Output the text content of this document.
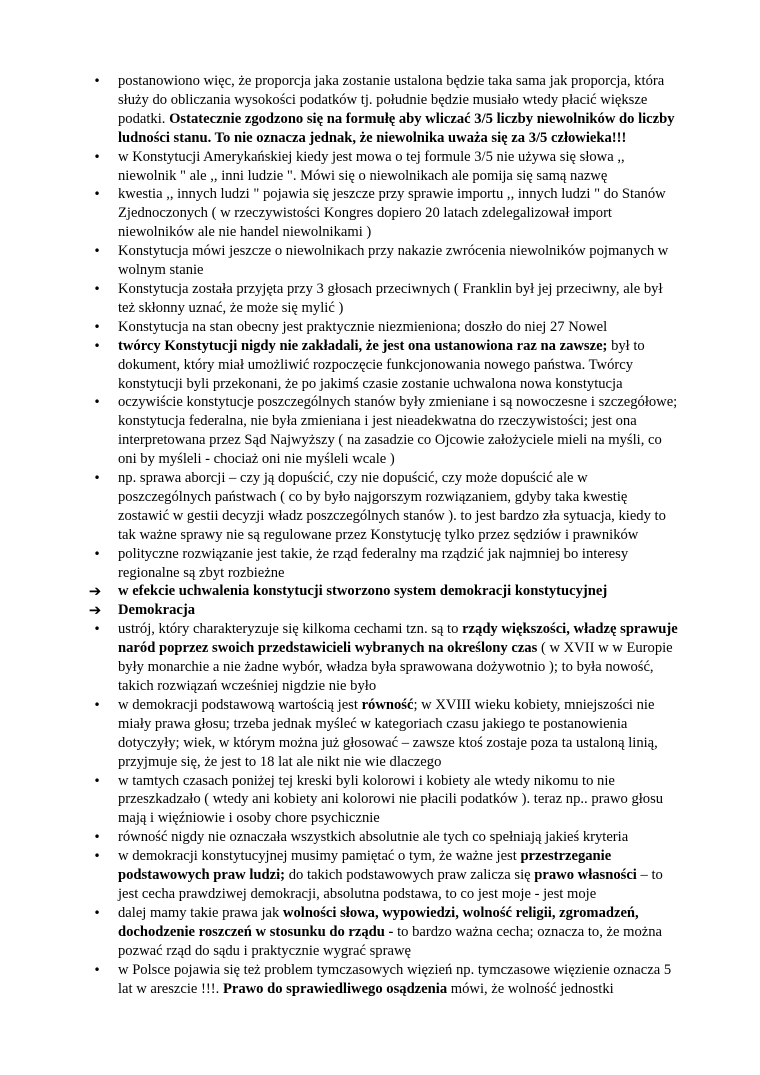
• postanowiono więc, że proporcja jaka zostanie ustalona będzie taka sama jak proporcja, która służy do obliczania wysokości podatków tj. południe będzie musiało wtedy płacić większe podatki. Ostatecznie zgodzono się na formułę aby wliczać 3/5 liczby niewolników do liczby ludności stanu. To nie oznacza jednak, że niewolnika uważa się za 3/5 człowieka!!!
• w Konstytucji Amerykańskiej kiedy jest mowa o tej formule 3/5 nie używa się słowa ,, niewolnik " ale ,, inni ludzie ". Mówi się o niewolnikach ale pomija się samą nazwę
• kwestia ,, innych ludzi " pojawia się jeszcze przy sprawie importu ,, innych ludzi " do Stanów Zjednoczonych ( w rzeczywistości Kongres dopiero 20 latach zdelegalizował import niewolników ale nie handel niewolnikami )
• Konstytucja mówi jeszcze o niewolnikach przy nakazie zwrócenia niewolników pojmanych w wolnym stanie
• Konstytucja została przyjęta przy 3 głosach przeciwnych ( Franklin był jej przeciwny, ale był też skłonny uznać, że może się mylić )
• Konstytucja na stan obecny jest praktycznie niezmieniona; doszło do niej 27 Nowel
• twórcy Konstytucji nigdy nie zakładali, że jest ona ustanowiona raz na zawsze; był to dokument, który miał umożliwić rozpoczęcie funkcjonowania nowego państwa. Twórcy konstytucji byli przekonani, że po jakimś czasie zostanie uchwalona nowa konstytucja
• oczywiście konstytucje poszczególnych stanów były zmieniane i są nowoczesne i szczegółowe; konstytucja federalna, nie była zmieniana i jest nieadekwatna do rzeczywistości; jest ona interpretowana przez Sąd Najwyższy ( na zasadzie co Ojcowie założyciele mieli na myśli, co oni by myśleli - chociaż oni nie myśleli wcale )
• np. sprawa aborcji – czy ją dopuścić, czy nie dopuścić, czy może dopuścić ale w poszczególnych państwach ( co by było najgorszym rozwiązaniem, gdyby taka kwestię zostawić w gestii decyzji władz poszczególnych stanów ). to jest bardzo zła sytuacja, kiedy to tak ważne sprawy nie są regulowane przez Konstytucję tylko przez sędziów i prawników
• polityczne rozwiązanie jest takie, że rząd federalny ma rządzić jak najmniej bo interesy regionalne są zbyt rozbieżne
➔ w efekcie uchwalenia konstytucji stworzono system demokracji konstytucyjnej
➔ Demokracja
• ustrój, który charakteryzuje się kilkoma cechami tzn. są to rządy większości, władzę sprawuje naród poprzez swoich przedstawicieli wybranych na określony czas ( w XVII w w Europie były monarchie a nie żadne wybór, władza była sprawowana dożywotnio ); to była nowość, takich rozwiązań wcześniej nigdzie nie było
• w demokracji podstawową wartością jest równość; w XVIII wieku kobiety, mniejszości nie miały prawa głosu; trzeba jednak myśleć w kategoriach czasu jakiego te postanowienia dotyczyły; wiek, w którym można już głosować – zawsze ktoś zostaje poza ta ustaloną linią, przyjmuje się, że jest to 18 lat ale nikt nie wie dlaczego
• w tamtych czasach poniżej tej kreski byli kolorowi i kobiety ale wtedy nikomu to nie przeszkadzało ( wtedy ani kobiety ani kolorowi nie płacili podatków ). teraz np.. prawo głosu mają i więźniowie i osoby chore psychicznie
• równość nigdy nie oznaczała wszystkich absolutnie ale tych co spełniają jakieś kryteria
• w demokracji konstytucyjnej musimy pamiętać o tym, że ważne jest przestrzeganie podstawowych praw ludzi; do takich podstawowych praw zalicza się prawo własności – to jest cecha prawdziwej demokracji, absolutna podstawa, to co jest moje - jest moje
• dalej mamy takie prawa jak wolności słowa, wypowiedzi, wolność religii, zgromadzeń, dochodzenie roszczeń w stosunku do rządu - to bardzo ważna cecha; oznacza to, że można pozwać rząd do sądu i praktycznie wygrać sprawę
• w Polsce pojawia się też problem tymczasowych więzień np. tymczasowe więzienie oznacza 5 lat w areszcie !!!. Prawo do sprawiedliwego osądzenia mówi, że wolność jednostki
